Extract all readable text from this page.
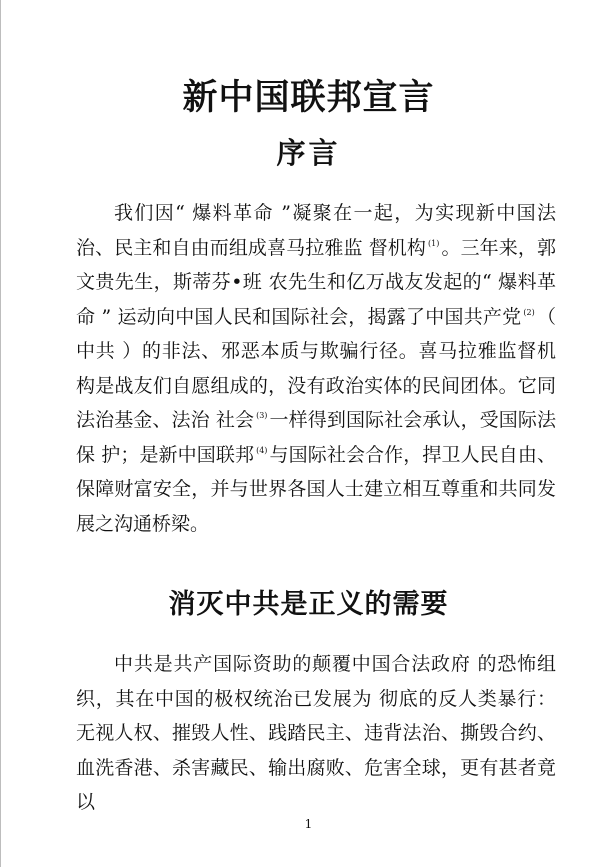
新中国联邦宣言
序言

我们因“ 爆料革命 ”凝聚在一起，为实现新中国法治、民主和自由而组成喜马拉雅监 督机构 $^{(1)}$ 。三年来，郭文贵先生，斯蒂芬•班 农先生和亿万战友发起的“ 爆料革命 ” 运动向中国人民和国际社会，揭露了中国共产党 $^{(2)}$ （ 中共 ）的非法、邪恶本质与欺骗行径。喜马拉雅监督机构是战友们自愿组成的，没有政治实体的民间团体。它同法治基金、法治 社会 $^{(3)}$ 一样得到国际社会承认，受国际法保 护；是新中国联邦 $^{(4)}$ 与国际社会合作，捍卫人民自由、保障财富安全，并与世界各国人士建立相互尊重和共同发展之沟通桥梁。

消灭中共是正义的需要

中共是共产国际资助的颠覆中国合法政府 的恐怖组织，其在中国的极权统治已发展为 彻底的反人类暴行：无视人权、摧毁人性、践踏民主、违背法治、撕毁合约、血洗香港、杀害藏民、输出腐败、危害全球，更有甚者竟以

1
